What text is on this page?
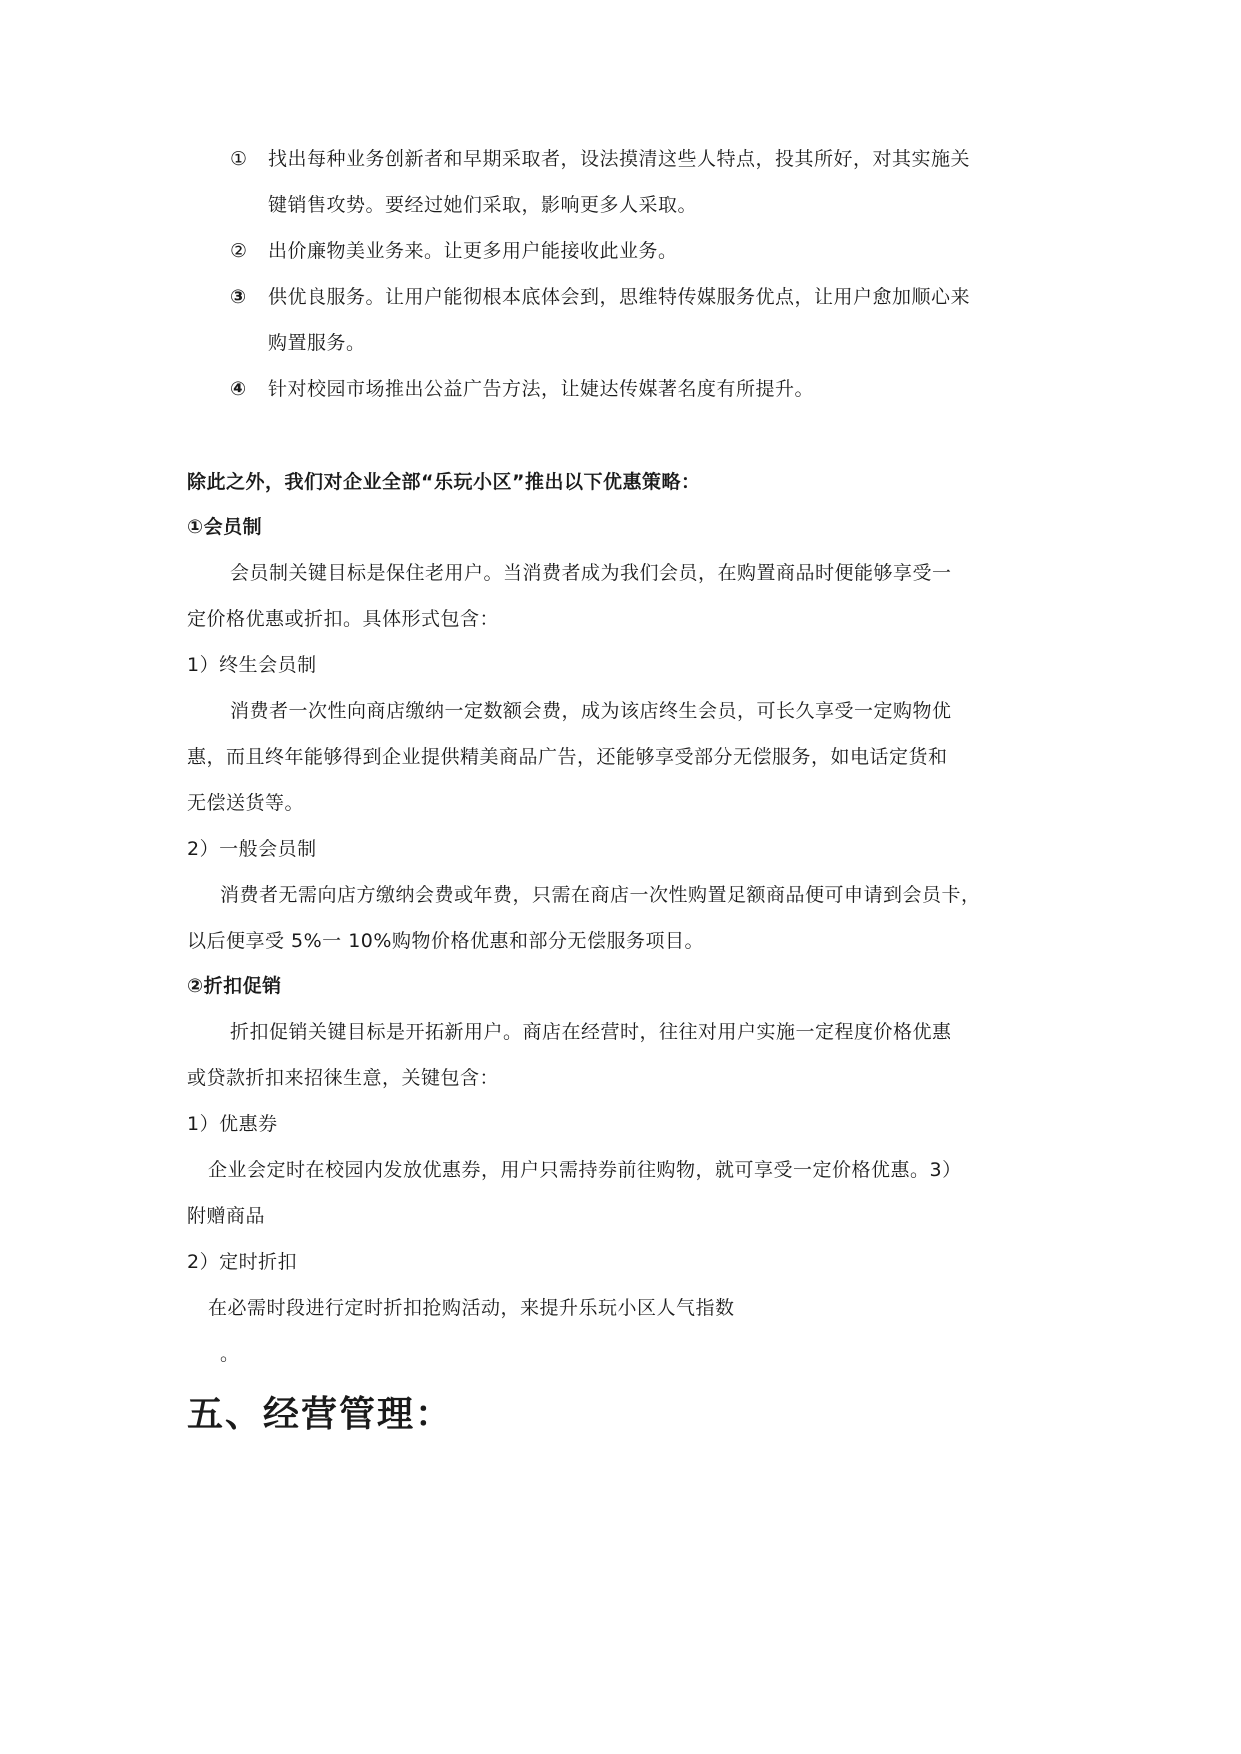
① 找出每种业务创新者和早期采取者，设法摸清这些人特点，投其所好，对其实施关
键销售攻势。要经过她们采取，影响更多人采取。
② 出价廉物美业务来。让更多用户能接收此业务。
③ 供优良服务。让用户能彻根本底体会到，思维特传媒服务优点，让用户愈加顺心来
购置服务。
④ 针对校园市场推出公益广告方法，让婕达传媒著名度有所提升。
除此之外，我们对企业全部“乐玩小区”推出以下优惠策略：
①会员制
会员制关键目标是保住老用户。当消费者成为我们会员，在购置商品时便能够享受一
定价格优惠或折扣。具体形式包含：
1）终生会员制
消费者一次性向商店缴纳一定数额会费，成为该店终生会员，可长久享受一定购物优
惠，而且终年能够得到企业提供精美商品广告，还能够享受部分无偿服务，如电话定货和
无偿送货等。
2）一般会员制
消费者无需向店方缴纳会费或年费，只需在商店一次性购置足额商品便可申请到会员卡，
以后便享受 5%一 10%购物价格优惠和部分无偿服务项目。
②折扣促销
折扣促销关键目标是开拓新用户。商店在经营时，往往对用户实施一定程度价格优惠
或贷款折扣来招徕生意，关键包含：
1）优惠券
企业会定时在校园内发放优惠券，用户只需持券前往购物，就可享受一定价格优惠。3）
附赠商品
2）定时折扣
在必需时段进行定时折扣抢购活动，来提升乐玩小区人气指数
。
五、经营管理：
